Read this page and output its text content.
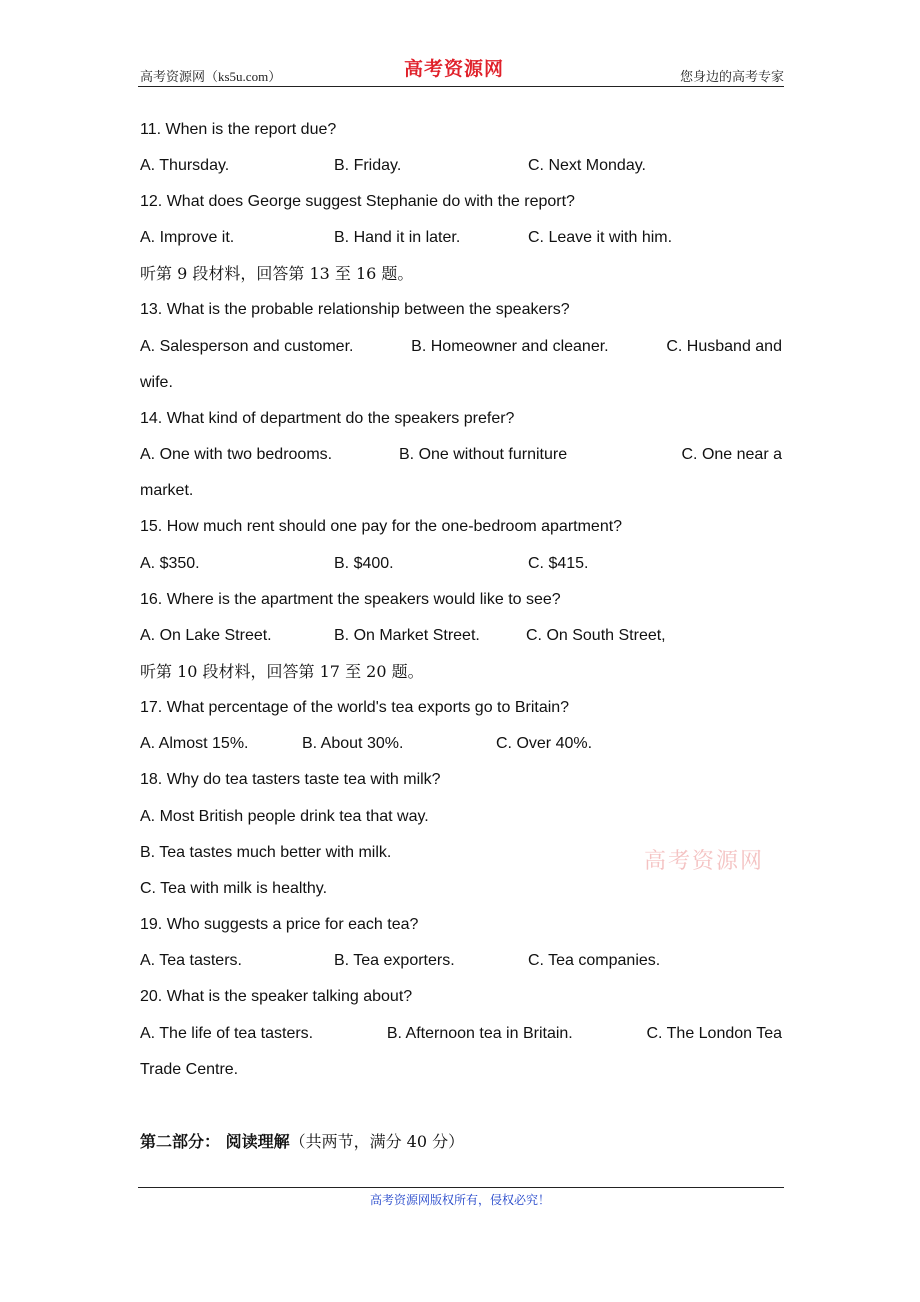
高考资源网（ks5u.com）	高考资源网	您身边的高考专家
11. When is the report due?
A. Thursday.	B. Friday.	C. Next Monday.
12. What does George suggest Stephanie do with the report?
A. Improve it.	B. Hand it in later.	C. Leave it with him.
听第 9 段材料，回答第 13 至 16 题。
13. What is the probable relationship between the speakers?
A. Salesperson and customer.	B. Homeowner and cleaner.	C. Husband and
wife.
14. What kind of department do the speakers prefer?
A. One with two bedrooms.	B. One without furniture	C. One near a
market.
15. How much rent should one pay for the one-bedroom apartment?
A. $350.	B. $400.	C. $415.
16. Where is the apartment the speakers would like to see?
A. On Lake Street.	B. On Market Street.	C. On South Street,
听第 10 段材料，回答第 17 至 20 题。
17. What percentage of the world's tea exports go to Britain?
A. Almost 15%.	B. About 30%.	C. Over 40%.
18. Why do tea tasters taste tea with milk?
A. Most British people drink tea that way.
B. Tea tastes much better with milk.
C. Tea with milk is healthy.
19. Who suggests a price for each tea?
A. Tea tasters.	B. Tea exporters.	C. Tea companies.
20. What is the speaker talking about?
A. The life of tea tasters.	B. Afternoon tea in Britain.	C. The London Tea
Trade Centre.
第二部分： 阅读理解（共两节，满分 40 分）
高考资源网
高考资源网版权所有，侵权必究！
